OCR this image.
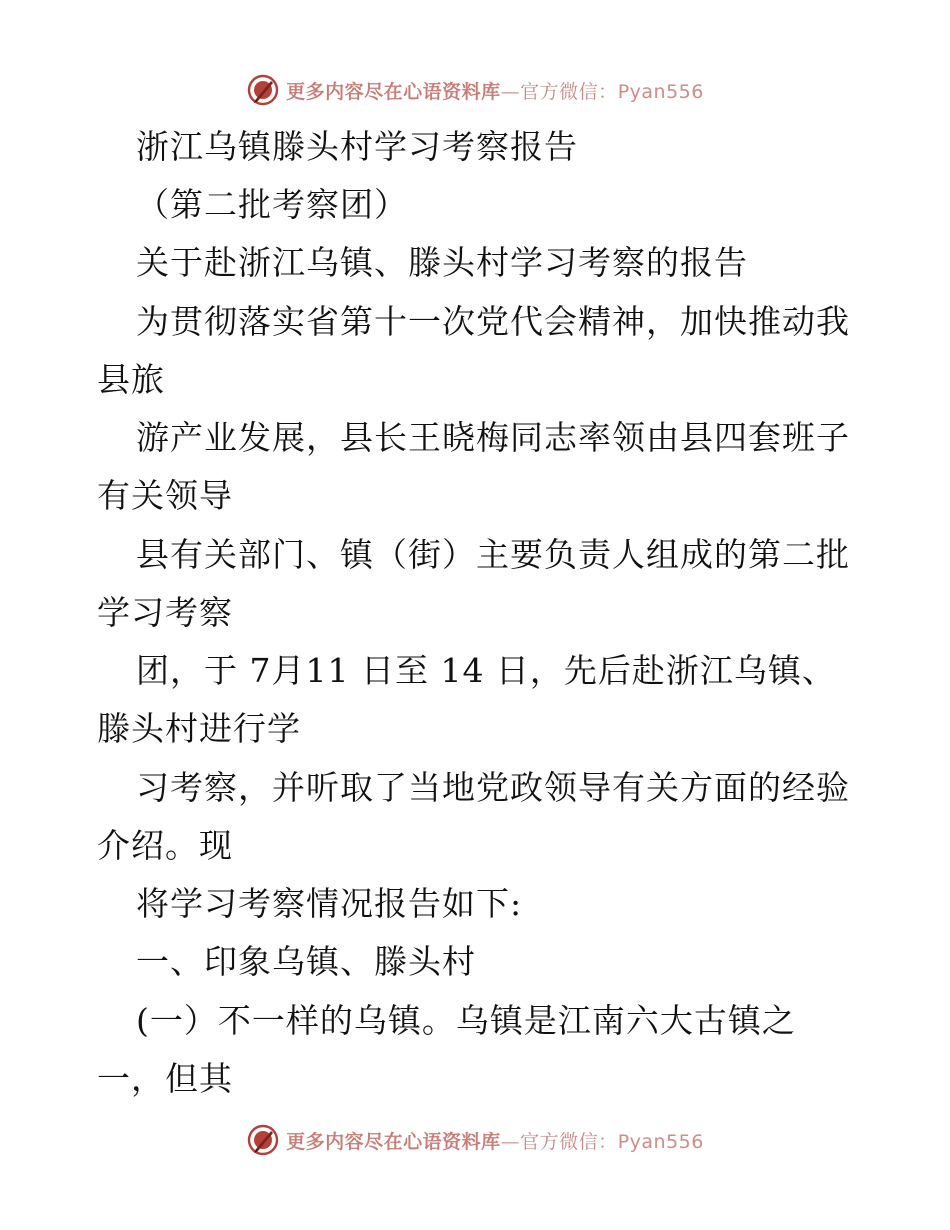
更多内容尽在心语资料库—官方微信：Pyan556
浙江乌镇滕头村学习考察报告
（第二批考察团）
关于赴浙江乌镇、滕头村学习考察的报告
为贯彻落实省第十一次党代会精神，加快推动我
县旅
游产业发展，县长王晓梅同志率领由县四套班子
有关领导
县有关部门、镇（街）主要负责人组成的第二批
学习考察
团，于 7月11 日至 14 日，先后赴浙江乌镇、
滕头村进行学
习考察，并听取了当地党政领导有关方面的经验
介绍。现
将学习考察情况报告如下:
一、印象乌镇、滕头村
(一）不一样的乌镇。乌镇是江南六大古镇之
一，但其
更多内容尽在心语资料库—官方微信：Pyan556
